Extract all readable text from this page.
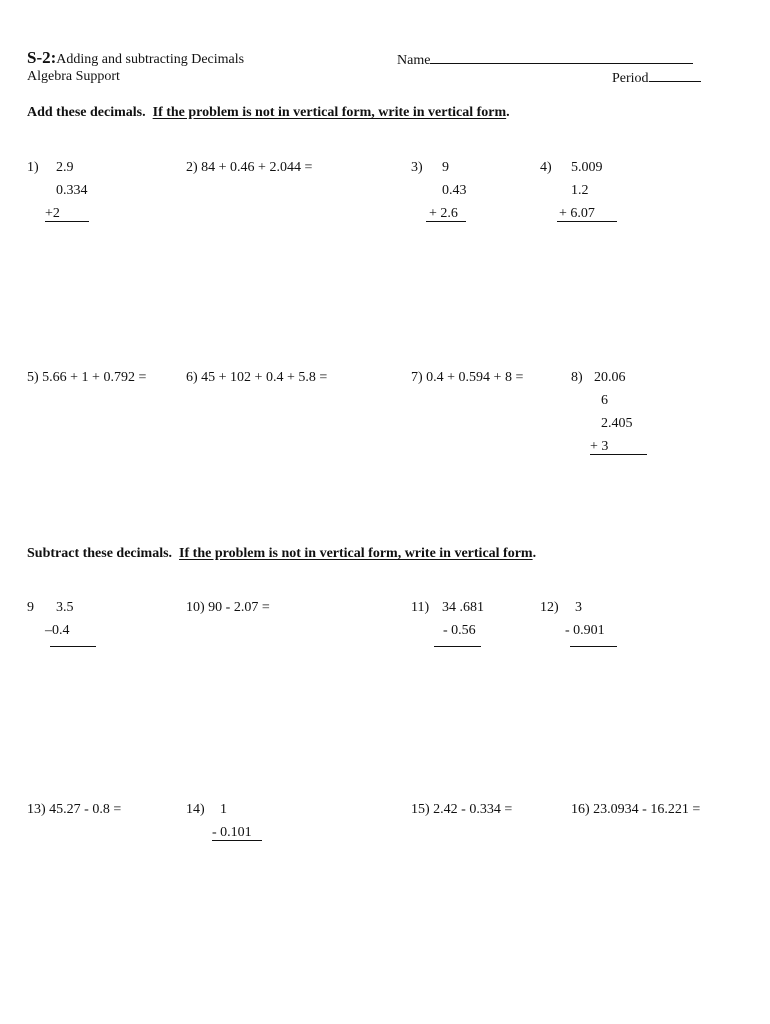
S-2:Adding and subtracting Decimals
Algebra Support
Name
Period
Add these decimals. If the problem is not in vertical form, write in vertical form.
1) 2.9
0.334
+2
2) 84 + 0.46 + 2.044 =	3) 9
0.43
+ 2.6
4) 5.009
1.2
+ 6.07
5) 5.66 + 1 + 0.792 =	6) 45 + 102 + 0.4 + 5.8 =	7) 0.4 + 0.594 + 8 =	8) 20.06
6
2.405
+ 3
Subtract these decimals. If the problem is not in vertical form, write in vertical form.
9 3.5
–0.4
10) 90 - 2.07 =	11) 34 .681
- 0.56
12) 3
- 0.901
13) 45.27 - 0.8 =	14) 1
- 0.101
15) 2.42 - 0.334 =	16) 23.0934 - 16.221 =
